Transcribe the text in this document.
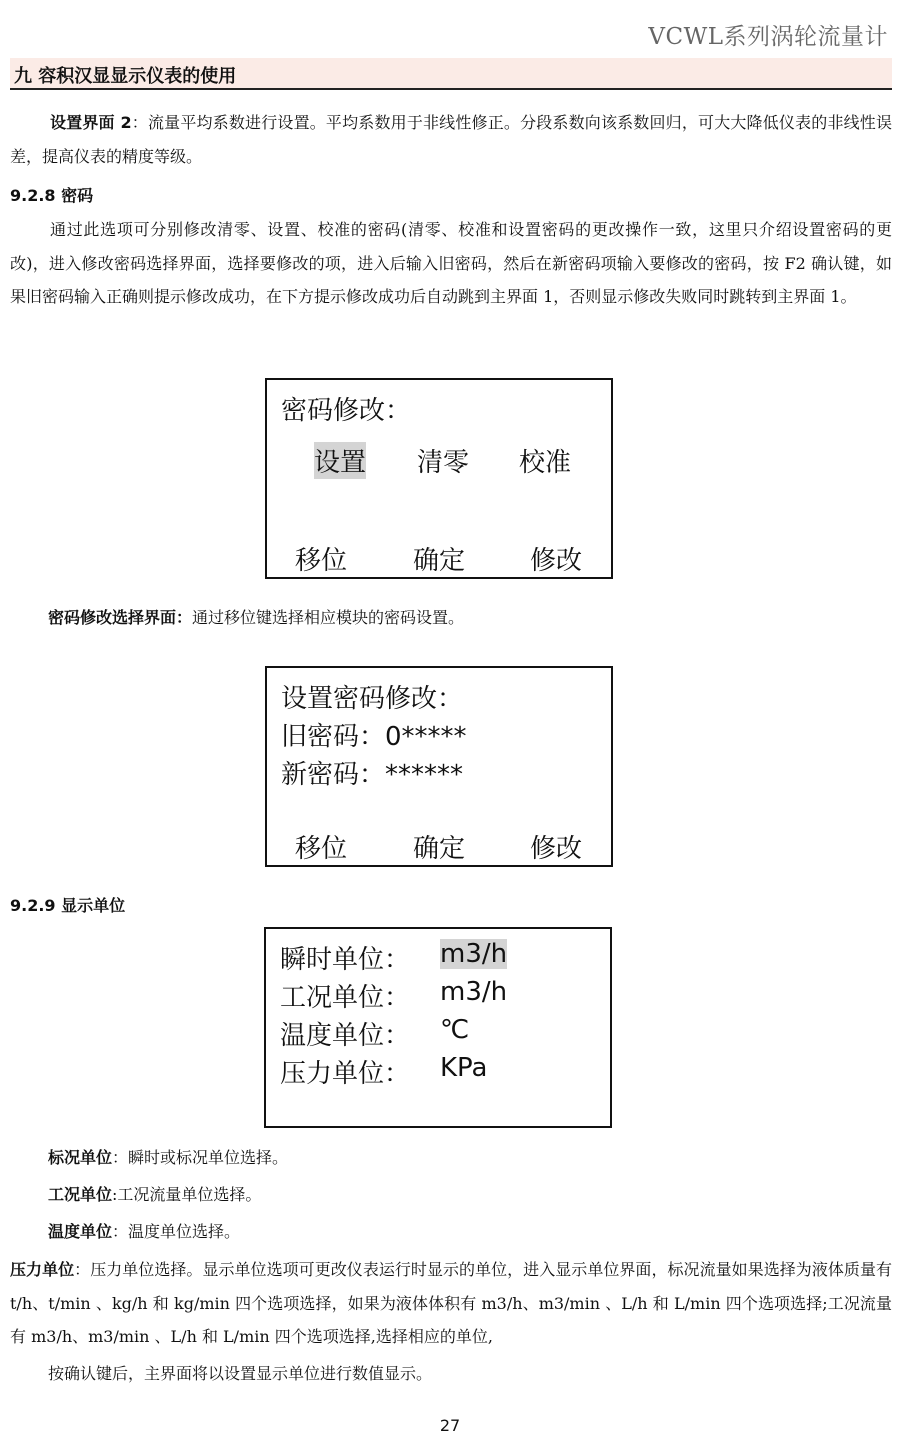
VCWL系列涡轮流量计
九 容积汉显显示仪表的使用
设置界面 2：流量平均系数进行设置。平均系数用于非线性修正。分段系数向该系数回归，可大大降低仪表的非线性误差，提高仪表的精度等级。
9.2.8 密码
通过此选项可分别修改清零、设置、校准的密码(清零、校准和设置密码的更改操作一致，这里只介绍设置密码的更改)，进入修改密码选择界面，选择要修改的项，进入后输入旧密码，然后在新密码项输入要修改的密码，按 F2 确认键，如果旧密码输入正确则提示修改成功，在下方提示修改成功后自动跳到主界面 1，否则显示修改失败同时跳转到主界面 1。
密码修改：
设置 清零 校准
移位	确定 修改
密码修改选择界面：通过移位键选择相应模块的密码设置。
设置密码修改：
旧密码：0*****
新密码：******
移位	确定 修改
9.2.9 显示单位
瞬时单位： m3/h
工况单位： m3/h
温度单位： ℃
压力单位： KPa
标况单位：瞬时或标况单位选择。
工况单位:工况流量单位选择。
温度单位：温度单位选择。
压力单位：压力单位选择。显示单位选项可更改仪表运行时显示的单位，进入显示单位界面，标况流量如果选择为液体质量有 t/h、t/min 、kg/h 和 kg/min 四个选项选择，如果为液体体积有 m3/h、m3/min 、L/h 和 L/min 四个选项选择;工况流量有 m3/h、m3/min 、L/h 和 L/min 四个选项选择,选择相应的单位,
按确认键后，主界面将以设置显示单位进行数值显示。
27
